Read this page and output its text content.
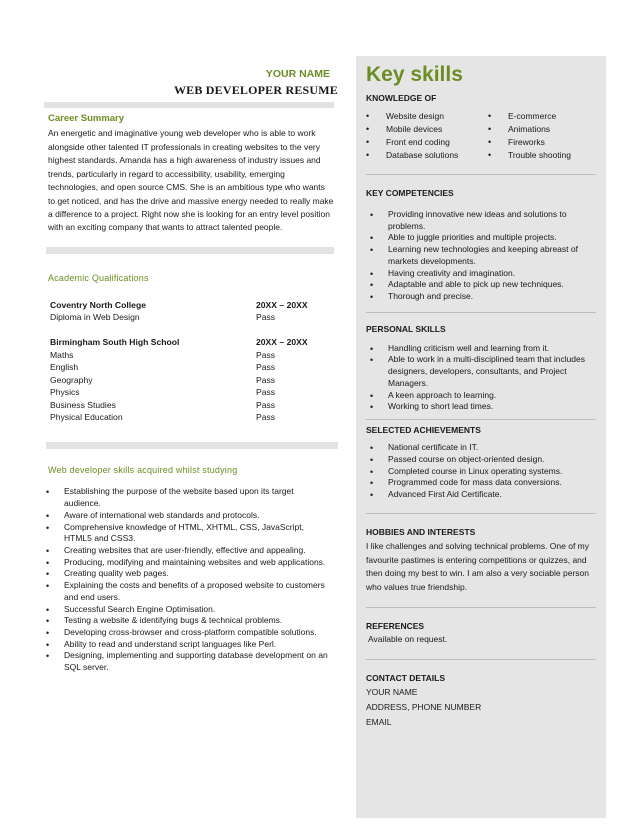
YOUR NAME
WEB DEVELOPER RESUME
Career Summary

An energetic and imaginative young web developer who is able to work alongside other talented IT professionals in creating websites to the very highest standards. Amanda has a high awareness of industry issues and trends, particularly in regard to accessibility, usability, emerging technologies, and open source CMS. She is an ambitious type who wants to get noticed, and has the drive and massive energy needed to really make a difference to a project. Right now she is looking for an entry level position with an exciting company that wants to attract talented people.

Academic Qualifications
Coventry North College	20XX – 20XX
Diploma in Web Design	Pass

Birmingham South High School	20XX – 20XX
Maths	Pass
English	Pass
Geography	Pass
Physics	Pass
Business Studies	Pass
Physical Education	Pass
Web developer skills acquired whilst studying
• Establishing the purpose of the website based upon its target audience.
• Aware of international web standards and protocols.
• Comprehensive knowledge of HTML, XHTML, CSS, JavaScript, HTML5 and CSS3.
• Creating websites that are user-friendly, effective and appealing.
• Producing, modifying and maintaining websites and web applications.
• Creating quality web pages.
• Explaining the costs and benefits of a proposed website to customers and end users.
• Successful Search Engine Optimisation.
• Testing a website & identifying bugs & technical problems.
• Developing cross-browser and cross-platform compatible solutions.
• Ability to read and understand script languages like Perl.
• Designing, implementing and supporting database development on an SQL server.
Key skills
KNOWLEDGE OF
• Website design	• E-commerce
• Mobile devices	• Animations
• Front end coding	• Fireworks
• Database solutions	• Trouble shooting
KEY COMPETENCIES
• Providing innovative new ideas and solutions to problems.
• Able to juggle priorities and multiple projects.
• Learning new technologies and keeping abreast of markets developments.
• Having creativity and imagination.
• Adaptable and able to pick up new techniques.
• Thorough and precise.
PERSONAL SKILLS
• Handling criticism well and learning from it.
• Able to work in a multi-disciplined team that includes designers, developers, consultants, and Project Managers.
• A keen approach to learning.
• Working to short lead times.
SELECTED ACHIEVEMENTS
• National certificate in IT.
• Passed course on object-oriented design.
• Completed course in Linux operating systems.
• Programmed code for mass data conversions.
• Advanced First Aid Certificate.
HOBBIES AND INTERESTS

I like challenges and solving technical problems. One of my favourite pastimes is entering competitions or quizzes, and then doing my best to win. I am also a very sociable person who values true friendship.

REFERENCES

Available on request.

CONTACT DETAILS

YOUR NAME

ADDRESS, PHONE NUMBER

EMAIL
